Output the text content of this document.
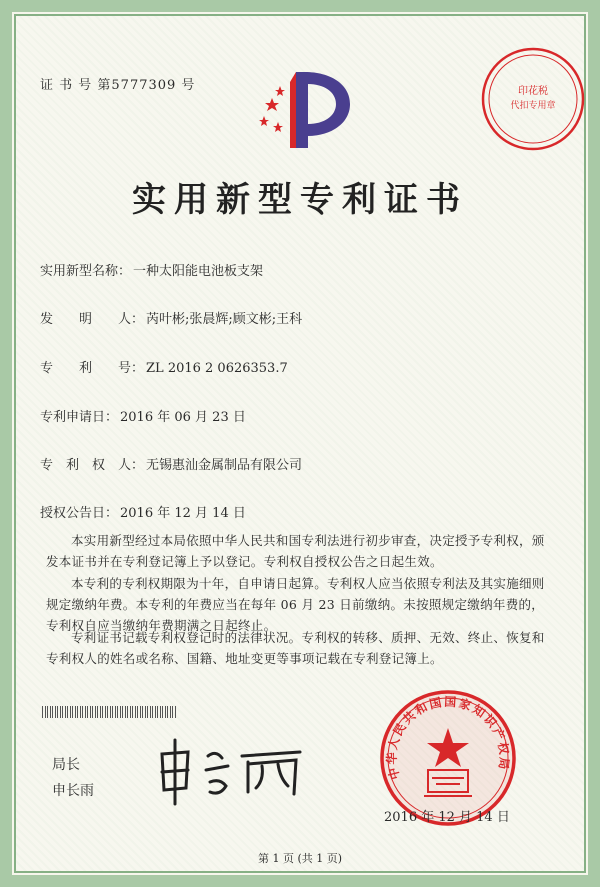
证 书 号 第5777309 号
实用新型专利证书
实用新型名称： 一种太阳能电池板支架
发　　明　　人： 芮叶彬;张晨辉;顾文彬;王科
专　　利　　号： ZL 2016 2 0626353.7
专利申请日： 2016 年 06 月 23 日
专　利　权　人： 无锡惠汕金属制品有限公司
授权公告日： 2016 年 12 月 14 日
本实用新型经过本局依照中华人民共和国专利法进行初步审查，决定授予专利权，颁发本证书并在专利登记簿上予以登记。专利权自授权公告之日起生效。
本专利的专利权期限为十年，自申请日起算。专利权人应当依照专利法及其实施细则规定缴纳年费。本专利的年费应当在每年 06 月 23 日前缴纳。未按照规定缴纳年费的，专利权自应当缴纳年费期满之日起终止。
专利证书记载专利权登记时的法律状况。专利权的转移、质押、无效、终止、恢复和专利权人的姓名或名称、国籍、地址变更等事项记载在专利登记簿上。
局长
申长雨
印花税
代扣专用章
中华人民共和国国家知识产权局
2016 年 12 月 14 日
第 1 页 (共 1 页)
